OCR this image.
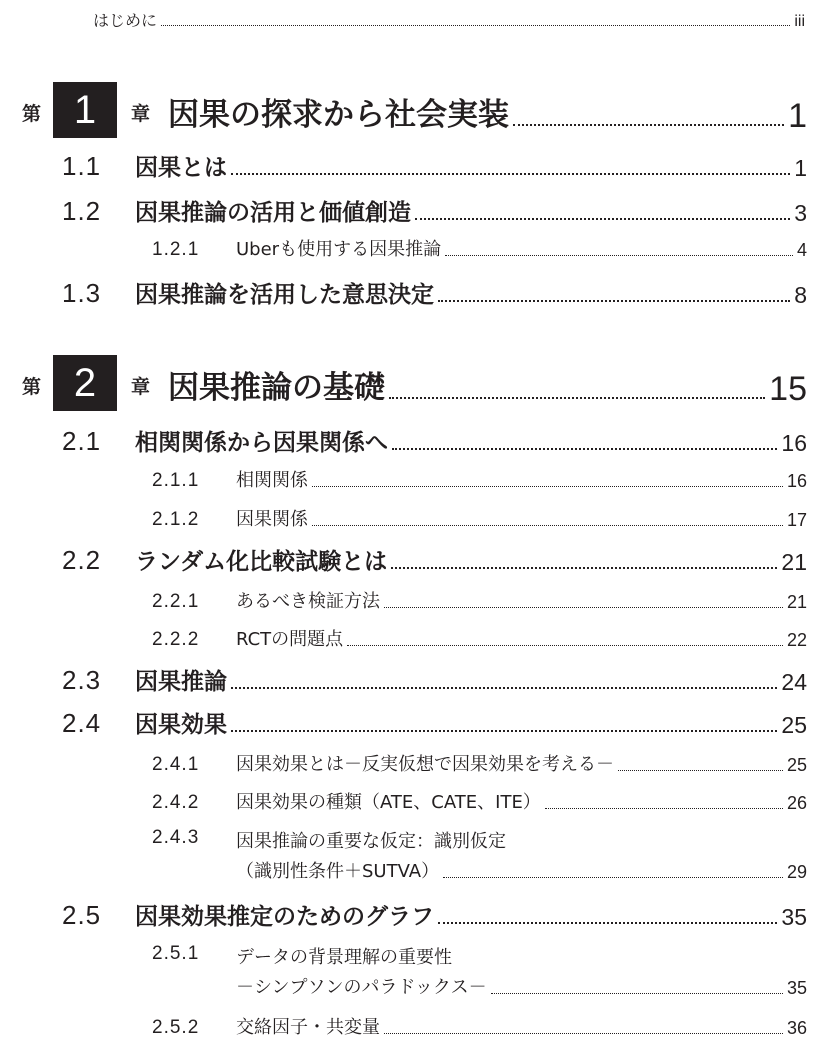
はじめに	iii
第 1	章 因果の探求から社会実装	1
1.1	因果とは	1
1.2	因果推論の活用と価値創造	3
1.2.1	Uberも使用する因果推論	4
1.3	因果推論を活用した意思決定	8
第 2	章 因果推論の基礎	15
2.1	相関関係から因果関係へ	16
2.1.1	相関関係	16
2.1.2	因果関係	17
2.2	ランダム化比較試験とは	21
2.2.1	あるべき検証方法	21
2.2.2	RCTの問題点	22
2.3	因果推論	24
2.4	因果効果	25
2.4.1	因果効果とは－反実仮想で因果効果を考える－	25
2.4.2	因果効果の種類（ATE、CATE、ITE）	26
2.4.3	因果推論の重要な仮定：識別仮定
（識別性条件＋SUTVA）	29
2.5	因果効果推定のためのグラフ	35
2.5.1	データの背景理解の重要性
－シンプソンのパラドックス－	35
2.5.2	交絡因子・共変量	36
